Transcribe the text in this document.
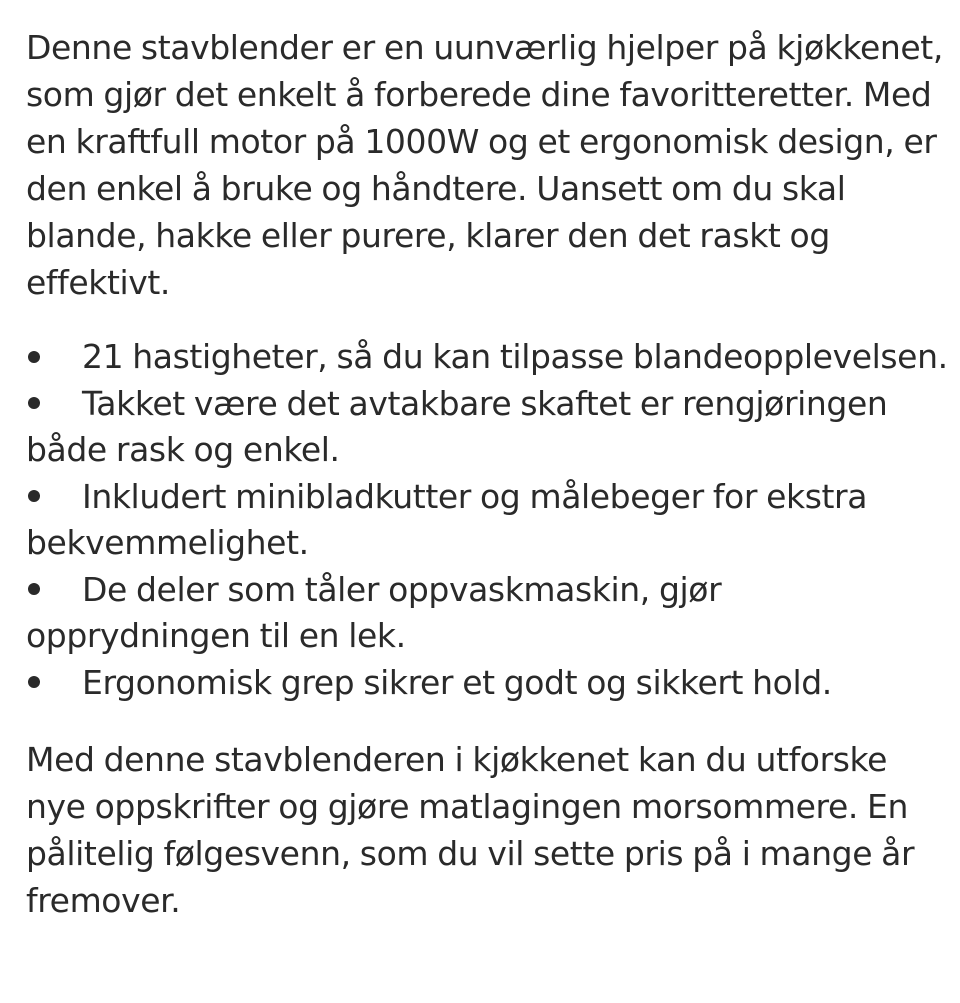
Denne stavblender er en uunværlig hjelper på kjøkkenet, som gjør det enkelt å forberede dine favoritteretter. Med en kraftfull motor på 1000W og et ergonomisk design, er den enkel å bruke og håndtere. Uansett om du skal blande, hakke eller purere, klarer den det raskt og effektivt.

21 hastigheter, så du kan tilpasse blandeopplevelsen.
Takket være det avtakbare skaftet er rengjøringen både rask og enkel.
Inkludert minibladkutter og målebeger for ekstra bekvemmelighet.
De deler som tåler oppvaskmaskin, gjør opprydningen til en lek.
Ergonomisk grep sikrer et godt og sikkert hold.

Med denne stavblenderen i kjøkkenet kan du utforske nye oppskrifter og gjøre matlagingen morsommere. En pålitelig følgesvenn, som du vil sette pris på i mange år fremover.
